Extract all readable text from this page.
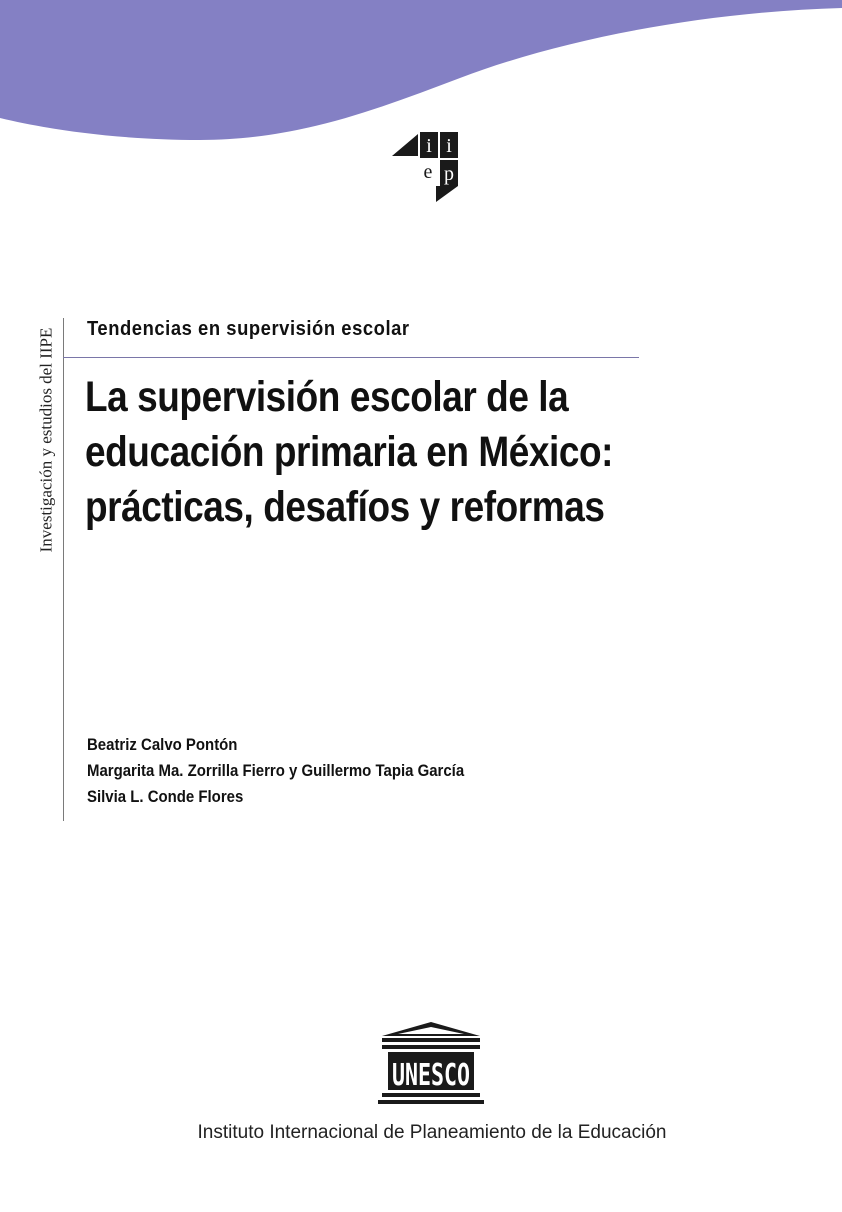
i i
e p
Investigación y estudios del IIPE Tendencias en supervisión escolar
La supervisión escolar de la
educación primaria en México:
prácticas, desafíos y reformas
Beatriz Calvo Pontón
Margarita Ma. Zorrilla Fierro y Guillermo Tapia García
Silvia L. Conde Flores
UNESCO
Instituto Internacional de Planeamiento de la Educación
